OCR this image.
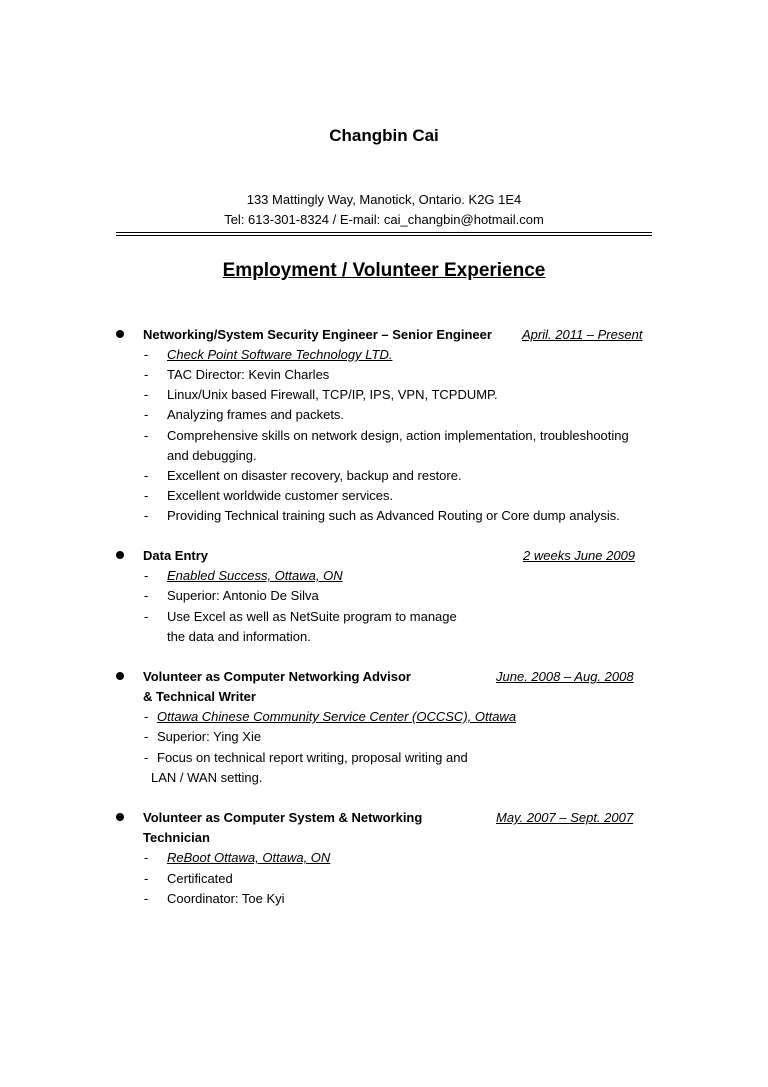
Changbin Cai
133 Mattingly Way, Manotick, Ontario. K2G 1E4
Tel: 613-301-8324 / E-mail: cai_changbin@hotmail.com
Employment / Volunteer Experience
Networking/System Security Engineer – Senior Engineer April. 2011 – Present
- Check Point Software Technology LTD.
- TAC Director: Kevin Charles
- Linux/Unix based Firewall, TCP/IP, IPS, VPN, TCPDUMP.
- Analyzing frames and packets.
- Comprehensive skills on network design, action implementation, troubleshooting
and debugging.
- Excellent on disaster recovery, backup and restore.
- Excellent worldwide customer services.
- Providing Technical training such as Advanced Routing or Core dump analysis.
Data Entry	2 weeks June 2009
- Enabled Success, Ottawa, ON
- Superior: Antonio De Silva
- Use Excel as well as NetSuite program to manage
the data and information.
Volunteer as Computer Networking Advisor	June. 2008 – Aug. 2008
& Technical Writer
- Ottawa Chinese Community Service Center (OCCSC), Ottawa
- Superior: Ying Xie
- Focus on technical report writing, proposal writing and
LAN / WAN setting.
Volunteer as Computer System & Networking	May. 2007 – Sept. 2007
Technician
- ReBoot Ottawa, Ottawa, ON
- Certificated
- Coordinator: Toe Kyi
